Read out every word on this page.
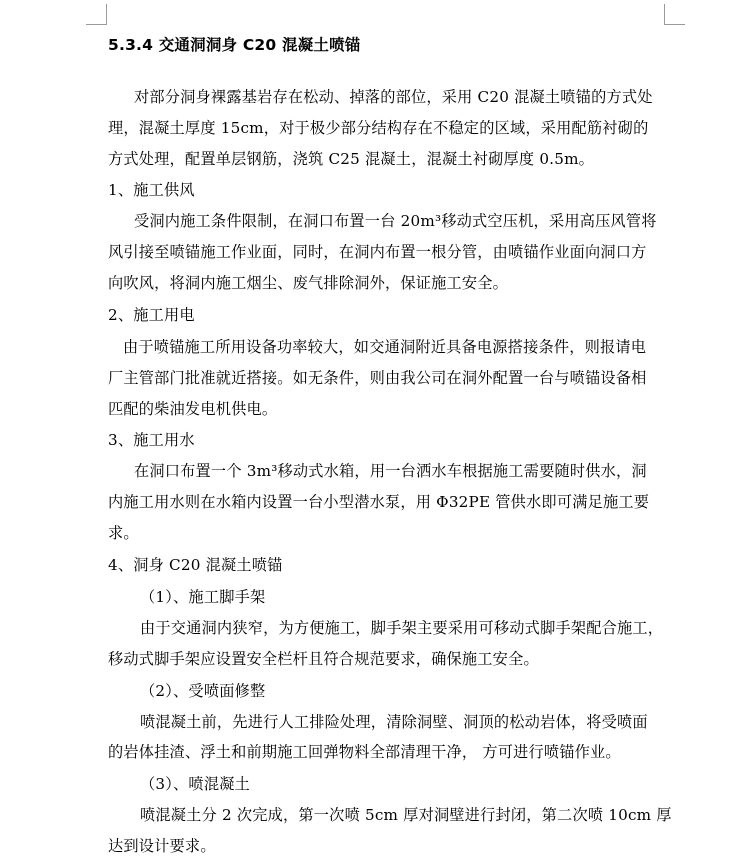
5.3.4 交通洞洞身 C20 混凝土喷锚
对部分洞身裸露基岩存在松动、掉落的部位，采用 C20 混凝土喷锚的方式处
理，混凝土厚度 15cm，对于极少部分结构存在不稳定的区域，采用配筋衬砌的
方式处理，配置单层钢筋，浇筑 C25 混凝土，混凝土衬砌厚度 0.5m。
1、施工供风
受洞内施工条件限制，在洞口布置一台 20m³移动式空压机，采用高压风管将
风引接至喷锚施工作业面，同时，在洞内布置一根分管，由喷锚作业面向洞口方
向吹风，将洞内施工烟尘、废气排除洞外，保证施工安全。
2、施工用电
由于喷锚施工所用设备功率较大，如交通洞附近具备电源搭接条件，则报请电
厂主管部门批准就近搭接。如无条件，则由我公司在洞外配置一台与喷锚设备相
匹配的柴油发电机供电。
3、施工用水
在洞口布置一个 3m³移动式水箱，用一台洒水车根据施工需要随时供水，洞
内施工用水则在水箱内设置一台小型潜水泵，用 Φ32PE 管供水即可满足施工要
求。
4、洞身 C20 混凝土喷锚
（1）、施工脚手架
由于交通洞内狭窄，为方便施工，脚手架主要采用可移动式脚手架配合施工，
移动式脚手架应设置安全栏杆且符合规范要求，确保施工安全。
（2）、受喷面修整
喷混凝土前，先进行人工排险处理，清除洞壁、洞顶的松动岩体，将受喷面
的岩体挂渣、浮土和前期施工回弹物料全部清理干净， 方可进行喷锚作业。
（3）、喷混凝土
喷混凝土分 2 次完成，第一次喷 5cm 厚对洞壁进行封闭，第二次喷 10cm 厚
达到设计要求。
